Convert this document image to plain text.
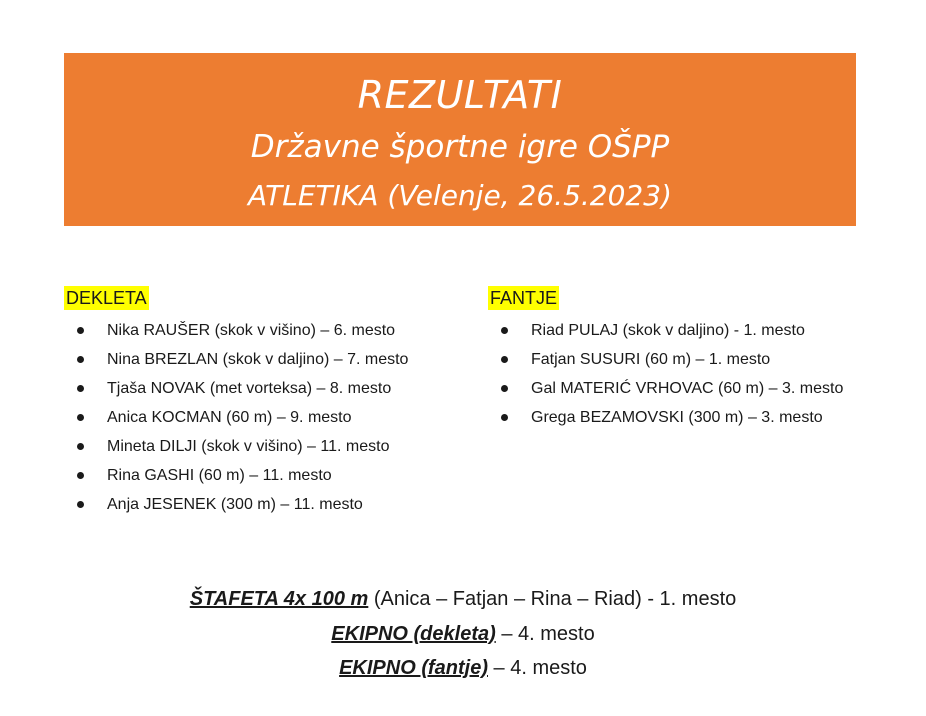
REZULTATI
Državne športne igre OŠPP
ATLETIKA (Velenje, 26.5.2023)
DEKLETA
Nika RAUŠER (skok v višino) – 6. mesto
Nina BREZLAN (skok v daljino) – 7. mesto
Tjaša NOVAK (met vorteksa) – 8. mesto
Anica KOCMAN (60 m) – 9. mesto
Mineta DILJI (skok v višino) – 11. mesto
Rina GASHI (60 m) – 11. mesto
Anja JESENEK (300 m) – 11. mesto
FANTJE
Riad PULAJ (skok v daljino) - 1. mesto
Fatjan SUSURI (60 m) – 1. mesto
Gal MATERIĆ VRHOVAC (60 m) – 3. mesto
Grega BEZAMOVSKI (300 m) – 3. mesto
ŠTAFETA 4x 100 m (Anica – Fatjan – Rina – Riad) - 1. mesto
EKIPNO (dekleta) – 4. mesto
EKIPNO (fantje) – 4. mesto
